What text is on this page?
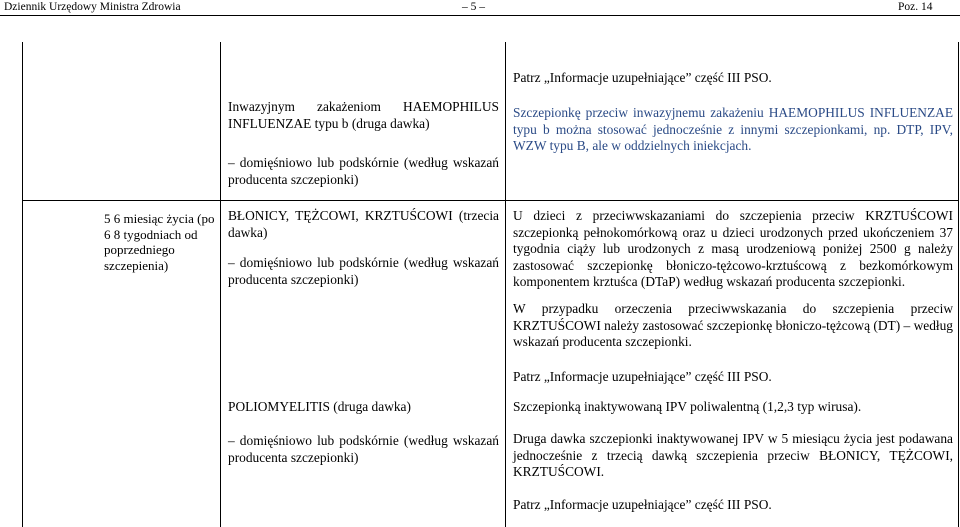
Dziennik Urzędowy Ministra Zdrowia	– 5 –	Poz. 14
Patrz „Informacje uzupełniające” część III PSO.
Inwazyjnym zakażeniom HAEMOPHILUS INFLUENZAE typu b (druga dawka)
– domięśniowo lub podskórnie (według wskazań producenta szczepionki)
Szczepionkę przeciw inwazyjnemu zakażeniu HAEMOPHILUS INFLUENZAE typu b można stosować jednocześnie z innymi szczepionkami, np. DTP, IPV, WZW typu B, ale w oddzielnych iniekcjach.
5 6 miesiąc życia (po 6 8 tygodniach od poprzedniego szczepienia)
BŁONICY, TĘŻCOWI, KRZTUŚCOWI (trzecia dawka)
– domięśniowo lub podskórnie (według wskazań producenta szczepionki)
U dzieci z przeciwwskazaniami do szczepienia przeciw KRZTUŚCOWI szczepionką pełnokomórkową oraz u dzieci urodzonych przed ukończeniem 37 tygodnia ciąży lub urodzonych z masą urodzeniową poniżej 2500 g należy zastosować szczepionkę błoniczo-tężcowo-krztuścową z bezkomórkowym komponentem krztuśca (DTaP) według wskazań producenta szczepionki.
W przypadku orzeczenia przeciwwskazania do szczepienia przeciw KRZTUŚCOWI należy zastosować szczepionkę błoniczo-tężcową (DT) – według wskazań producenta szczepionki.
Patrz „Informacje uzupełniające” część III PSO.
POLIOMYELITIS (druga dawka)
– domięśniowo lub podskórnie (według wskazań producenta szczepionki)
Szczepionką inaktywowaną IPV poliwalentną (1,2,3 typ wirusa).
Druga dawka szczepionki inaktywowanej IPV w 5 miesiącu życia jest podawana jednocześnie z trzecią dawką szczepienia przeciw BŁONICY, TĘŻCOWI, KRZTUŚCOWI.
Patrz „Informacje uzupełniające” część III PSO.
